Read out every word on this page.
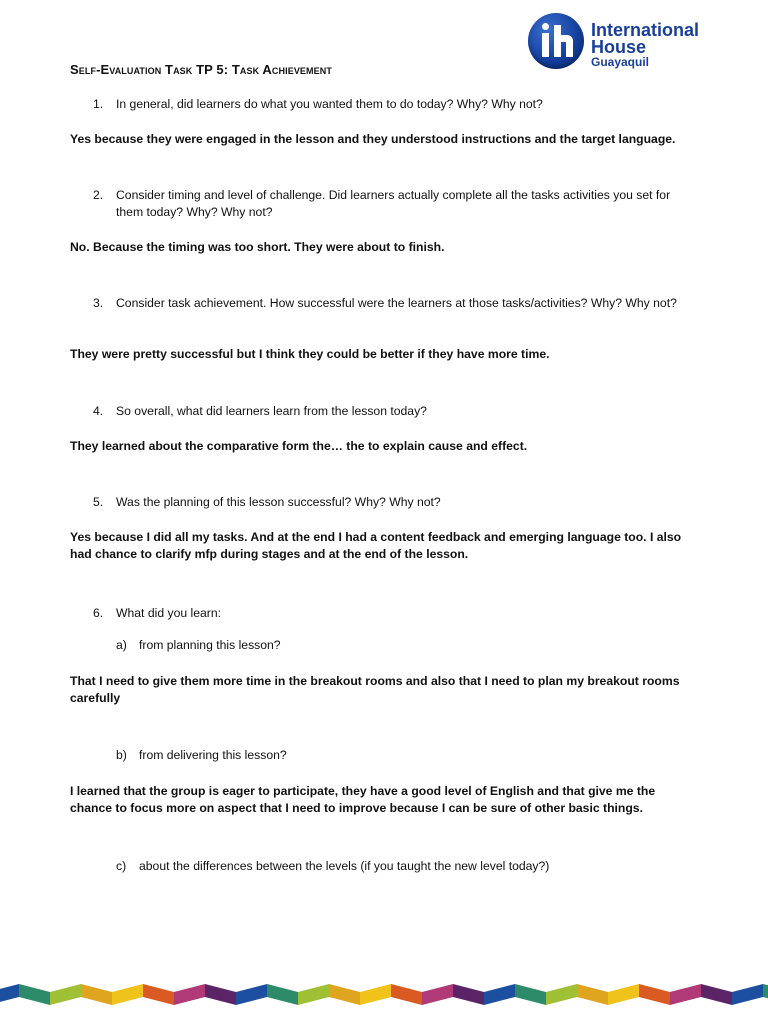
International
House
Guayaquil
Self-Evaluation Task TP 5: Task Achievement
1. In general, did learners do what you wanted them to do today? Why? Why not?
Yes because they were engaged in the lesson and they understood instructions and the target language.
2. Consider timing and level of challenge. Did learners actually complete all the tasks activities you set for them today? Why? Why not?
No. Because the timing was too short. They were about to finish.
3. Consider task achievement. How successful were the learners at those tasks/activities? Why? Why not?
They were pretty successful but I think they could be better if they have more time.
4. So overall, what did learners learn from the lesson today?
They learned about the comparative form the… the to explain cause and effect.
5. Was the planning of this lesson successful? Why? Why not?
Yes because I did all my tasks. And at the end I had a content feedback and emerging language too. I also had chance to clarify mfp during stages and at the end of the lesson.
6. What did you learn:
a) from planning this lesson?
That I need to give them more time in the breakout rooms and also that I need to plan my breakout rooms carefully
b) from delivering this lesson?
I learned that the group is eager to participate, they have a good level of English and that give me the chance to focus more on aspect that I need to improve because I can be sure of other basic things.
c) about the differences between the levels (if you taught the new level today?)
